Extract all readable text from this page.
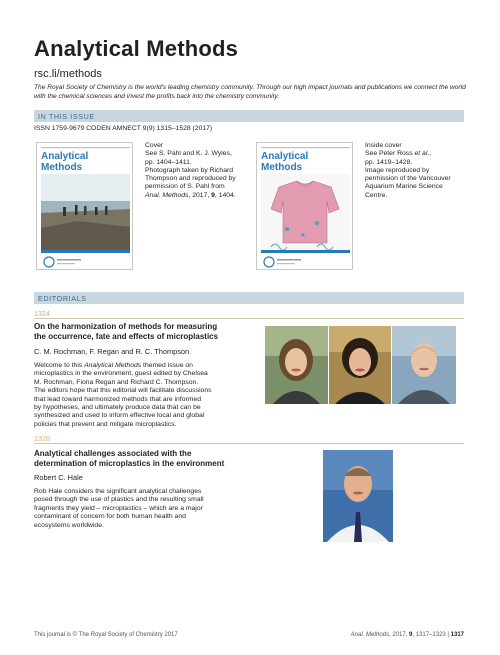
Analytical Methods
rsc.li/methods
The Royal Society of Chemistry is the world's leading chemistry community. Through our high impact journals and publications we connect the world with the chemical sciences and invest the profits back into the chemistry community.
IN THIS ISSUE
ISSN 1759-9679 CODEN AMNECT 9(9) 1315–1528 (2017)
Analytical
Methods
Cover
See S. Pahl and K. J. Wyles,
pp. 1404–1411.
Photograph taken by Richard
Thompson and reproduced by
permission of S. Pahl from
Anal. Methods, 2017, 9, 1404.
Analytical
Methods
Inside cover
See Peter Ross et al.,
pp. 1419–1428.
Image reproduced by
permission of the Vancouver
Aquarium Marine Science
Centre.
EDITORIALS
1324
On the harmonization of methods for measuring
the occurrence, fate and effects of microplastics
C. M. Rochman, F. Regan and R. C. Thompson
Welcome to this Analytical Methods themed issue on
microplastics in the environment, guest edited by Chelsea
M. Rochman, Fiona Regan and Richard C. Thompson.
The editors hope that this editorial will facilitate discussions
that lead toward harmonized methods that are informed
by hypotheses, and ultimately produce data that can be
synthesized and used to inform effective local and global
policies that prevent and mitigate microplastics.
1326
Analytical challenges associated with the
determination of microplastics in the environment
Robert C. Hale
Rob Hale considers the significant analytical challenges
posed through the use of plastics and the resulting small
fragments they yield – microplastics – which are a major
contaminant of concern for both human health and
ecosystems worldwide.
This journal is © The Royal Society of Chemistry 2017	Anal. Methods, 2017, 9, 1317–1323 | 1317
